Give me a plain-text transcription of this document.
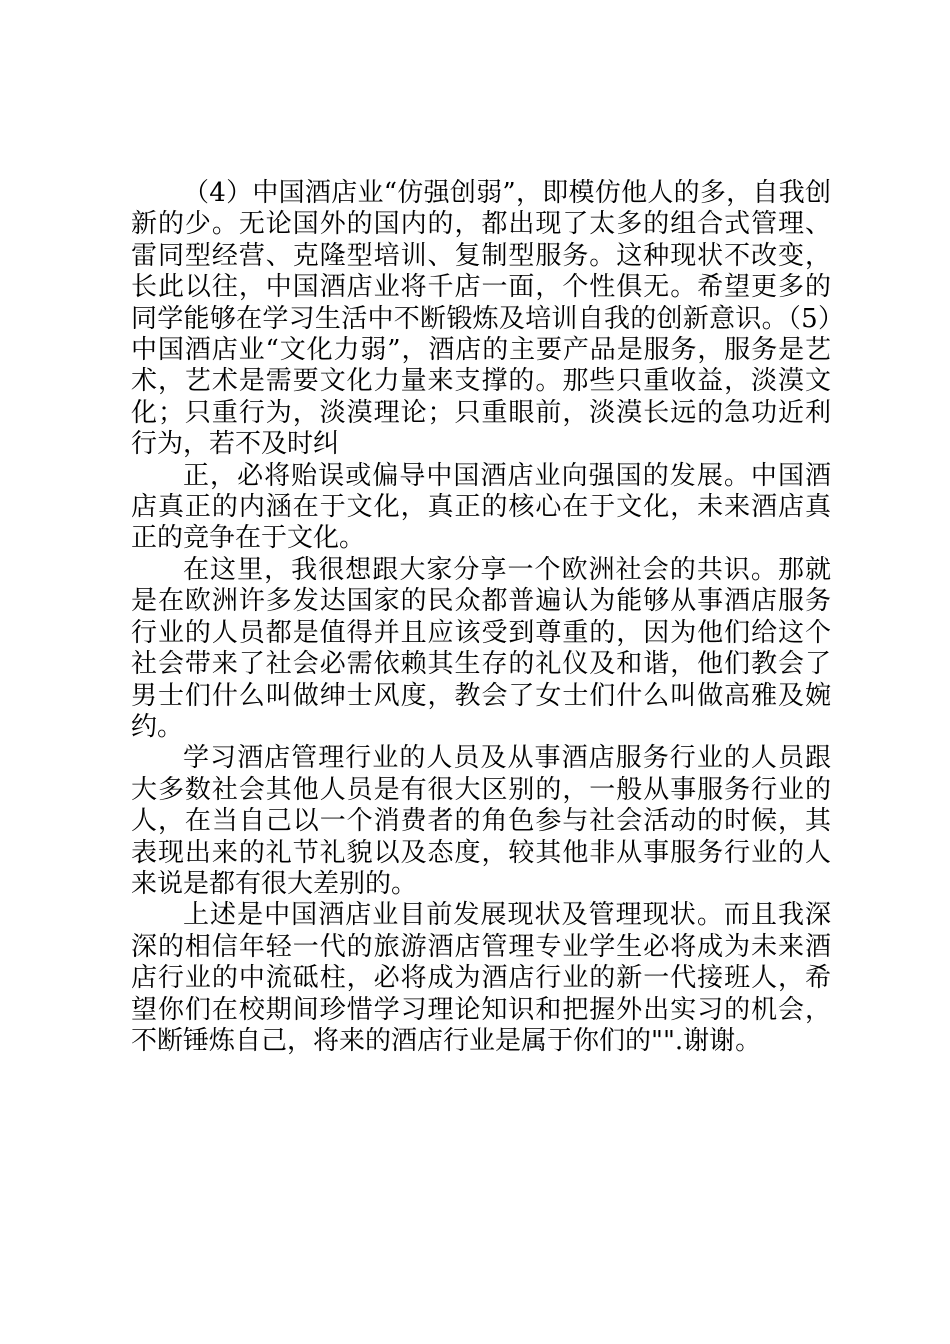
（4）中国酒店业“仿强创弱”，即模仿他人的多，自我创新的少。无论国外的国内的，都出现了太多的组合式管理、雷同型经营、克隆型培训、复制型服务。这种现状不改变，长此以往，中国酒店业将千店一面，个性俱无。希望更多的同学能够在学习生活中不断锻炼及培训自我的创新意识。（5）中国酒店业“文化力弱”，酒店的主要产品是服务，服务是艺术，艺术是需要文化力量来支撑的。那些只重收益，淡漠文化；只重行为，淡漠理论；只重眼前，淡漠长远的急功近利行为，若不及时纠

正，必将贻误或偏导中国酒店业向强国的发展。中国酒店真正的内涵在于文化，真正的核心在于文化，未来酒店真正的竞争在于文化。

在这里，我很想跟大家分享一个欧洲社会的共识。那就是在欧洲许多发达国家的民众都普遍认为能够从事酒店服务行业的人员都是值得并且应该受到尊重的，因为他们给这个社会带来了社会必需依赖其生存的礼仪及和谐，他们教会了男士们什么叫做绅士风度，教会了女士们什么叫做高雅及婉约。

学习酒店管理行业的人员及从事酒店服务行业的人员跟大多数社会其他人员是有很大区别的，一般从事服务行业的人，在当自己以一个消费者的角色参与社会活动的时候，其表现出来的礼节礼貌以及态度，较其他非从事服务行业的人来说是都有很大差别的。

上述是中国酒店业目前发展现状及管理现状。而且我深深的相信年轻一代的旅游酒店管理专业学生必将成为未来酒店行业的中流砥柱，必将成为酒店行业的新一代接班人，希望你们在校期间珍惜学习理论知识和把握外出实习的机会，不断锤炼自己，将来的酒店行业是属于你们的"".谢谢。
